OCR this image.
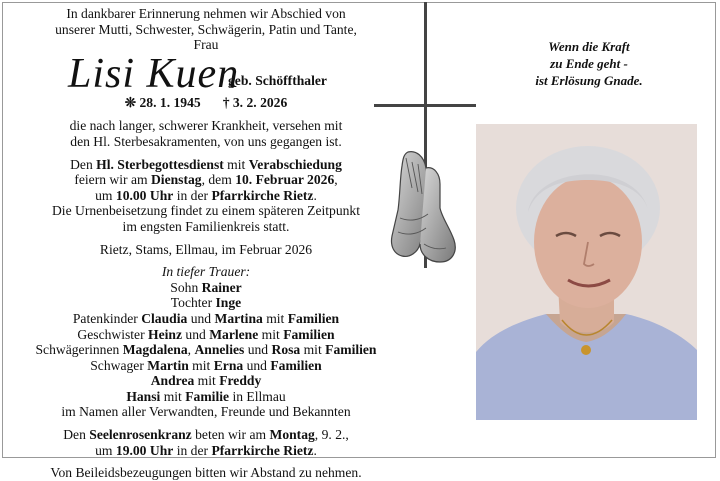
In dankbarer Erinnerung nehmen wir Abschied von
unserer Mutti, Schwester, Schwägerin, Patin und Tante,
Frau

Lisi Kuen
geb. Schöffthaler

❊ 28. 1. 1945 † 3. 2. 2026

die nach langer, schwerer Krankheit, versehen mit
den Hl. Sterbesakramenten, von uns gegangen ist.

Den Hl. Sterbegottesdienst mit Verabschiedung
feiern wir am Dienstag, dem 10. Februar 2026,
um 10.00 Uhr in der Pfarrkirche Rietz.
Die Urnenbeisetzung findet zu einem späteren Zeitpunkt
im engsten Familienkreis statt.

Rietz, Stams, Ellmau, im Februar 2026

In tiefer Trauer:
Sohn Rainer
Tochter Inge
Patenkinder Claudia und Martina mit Familien
Geschwister Heinz und Marlene mit Familien
Schwägerinnen Magdalena, Annelies und Rosa mit Familien
Schwager Martin mit Erna und Familien
Andrea mit Freddy
Hansi mit Familie in Ellmau
im Namen aller Verwandten, Freunde und Bekannten

Den Seelenrosenkranz beten wir am Montag, 9. 2.,
um 19.00 Uhr in der Pfarrkirche Rietz.

Von Beileidsbezeugungen bitten wir Abstand zu nehmen.

Wenn die Kraft

zu Ende geht -

ist Erlösung Gnade.
